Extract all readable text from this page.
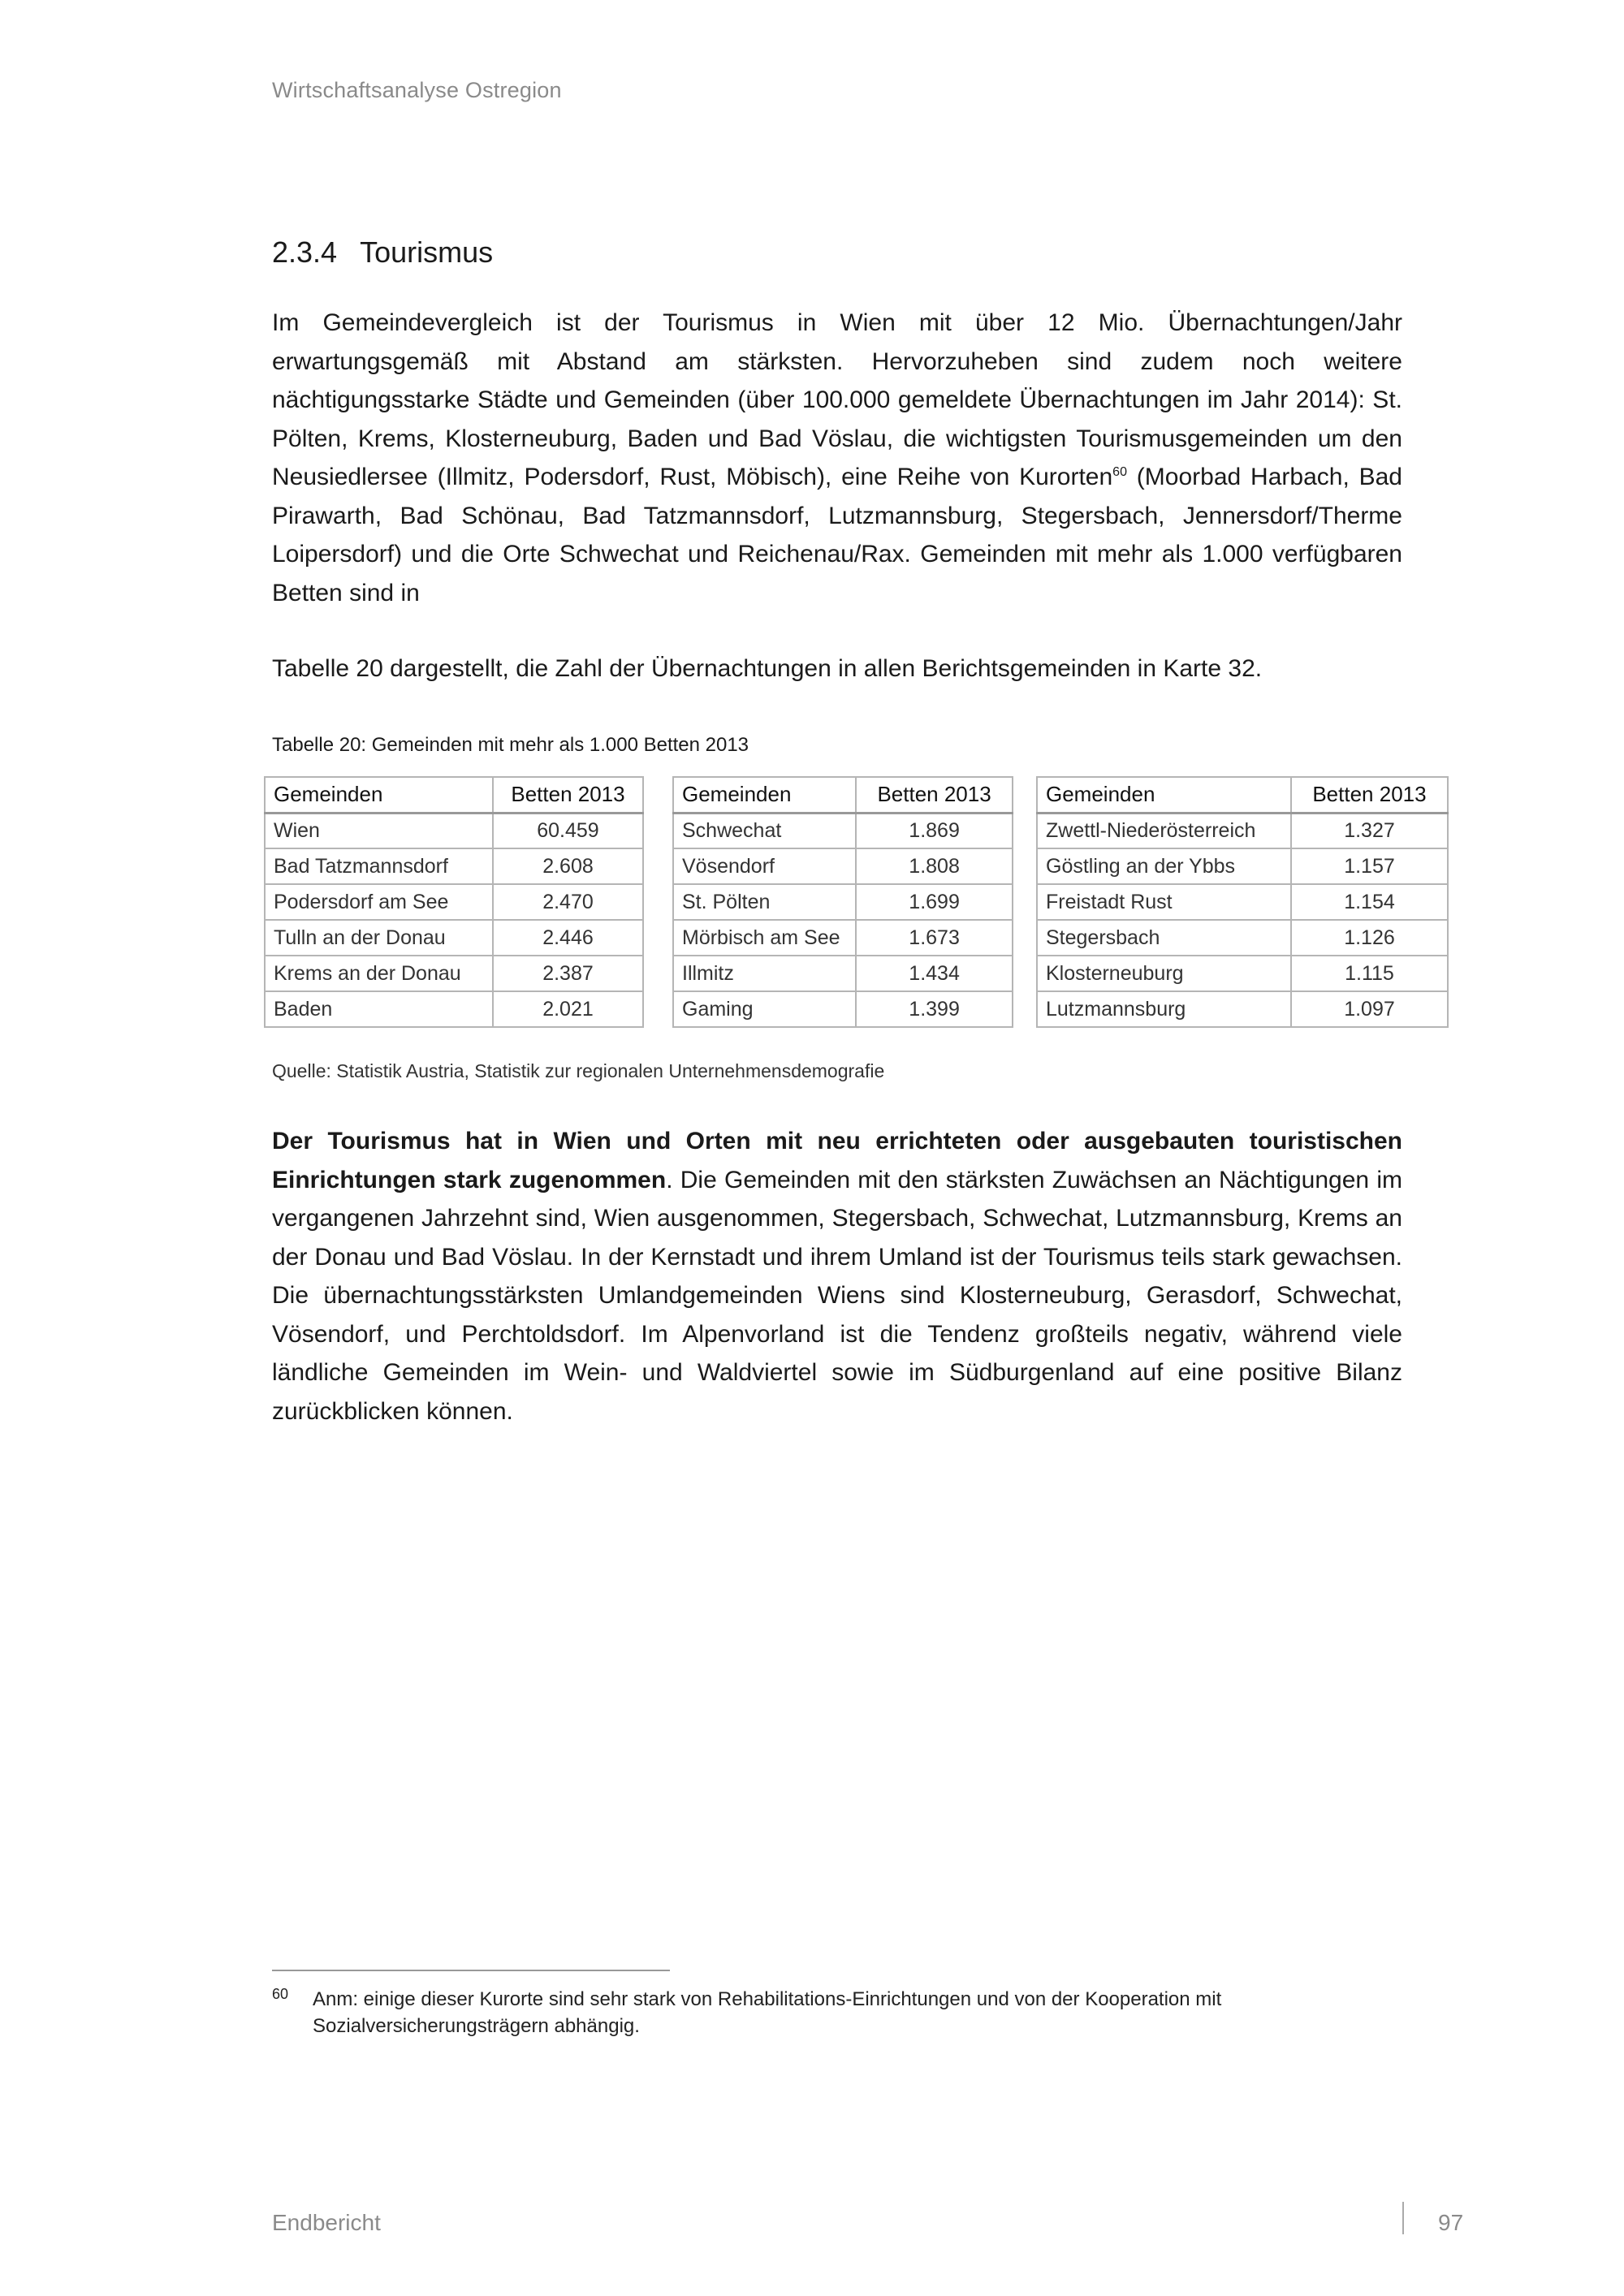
Wirtschaftsanalyse Ostregion
2.3.4 Tourismus

Im Gemeindevergleich ist der Tourismus in Wien mit über 12 Mio. Übernachtungen/Jahr erwartungsgemäß mit Abstand am stärksten. Hervorzuheben sind zudem noch weitere nächtigungsstarke Städte und Gemeinden (über 100.000 gemeldete Übernachtungen im Jahr 2014): St. Pölten, Krems, Klosterneuburg, Baden und Bad Vöslau, die wichtigsten Tourismusgemeinden um den Neusiedlersee (Illmitz, Podersdorf, Rust, Möbisch), eine Reihe von Kurorten$^{60}$ (Moorbad Harbach, Bad Pirawarth, Bad Schönau, Bad Tatzmannsdorf, Lutzmannsburg, Stegersbach, Jennersdorf/Therme Loipersdorf) und die Orte Schwechat und Reichenau/Rax. Gemeinden mit mehr als 1.000 verfügbaren Betten sind in

Tabelle 20 dargestellt, die Zahl der Übernachtungen in allen Berichtsgemeinden in Karte 32.

Tabelle 20: Gemeinden mit mehr als 1.000 Betten 2013

Gemeinden	Betten 2013
Wien	60.459
Bad Tatzmannsdorf	2.608
Podersdorf am See	2.470
Tulln an der Donau	2.446
Krems an der Donau	2.387
Baden	2.021
Gemeinden	Betten 2013
Schwechat	1.869
Vösendorf	1.808
St. Pölten	1.699
Mörbisch am See	1.673
Illmitz	1.434
Gaming	1.399
Gemeinden	Betten 2013
Zwettl-Niederösterreich	1.327
Göstling an der Ybbs	1.157
Freistadt Rust	1.154
Stegersbach	1.126
Klosterneuburg	1.115
Lutzmannsburg	1.097

Quelle: Statistik Austria, Statistik zur regionalen Unternehmensdemografie

Der Tourismus hat in Wien und Orten mit neu errichteten oder ausgebauten touristischen Einrichtungen stark zugenommen. Die Gemeinden mit den stärksten Zuwächsen an Nächtigungen im vergangenen Jahrzehnt sind, Wien ausgenommen, Stegersbach, Schwechat, Lutzmannsburg, Krems an der Donau und Bad Vöslau. In der Kernstadt und ihrem Umland ist der Tourismus teils stark gewachsen. Die übernachtungsstärksten Umlandgemeinden Wiens sind Klosterneuburg, Gerasdorf, Schwechat, Vösendorf, und Perchtoldsdorf. Im Alpenvorland ist die Tendenz großteils negativ, während viele ländliche Gemeinden im Wein- und Waldviertel sowie im Südburgenland auf eine positive Bilanz zurückblicken können.

60 Anm: einige dieser Kurorte sind sehr stark von Rehabilitations-Einrichtungen und von der Kooperation mit Sozialversicherungsträgern abhängig.
Endbericht	97
